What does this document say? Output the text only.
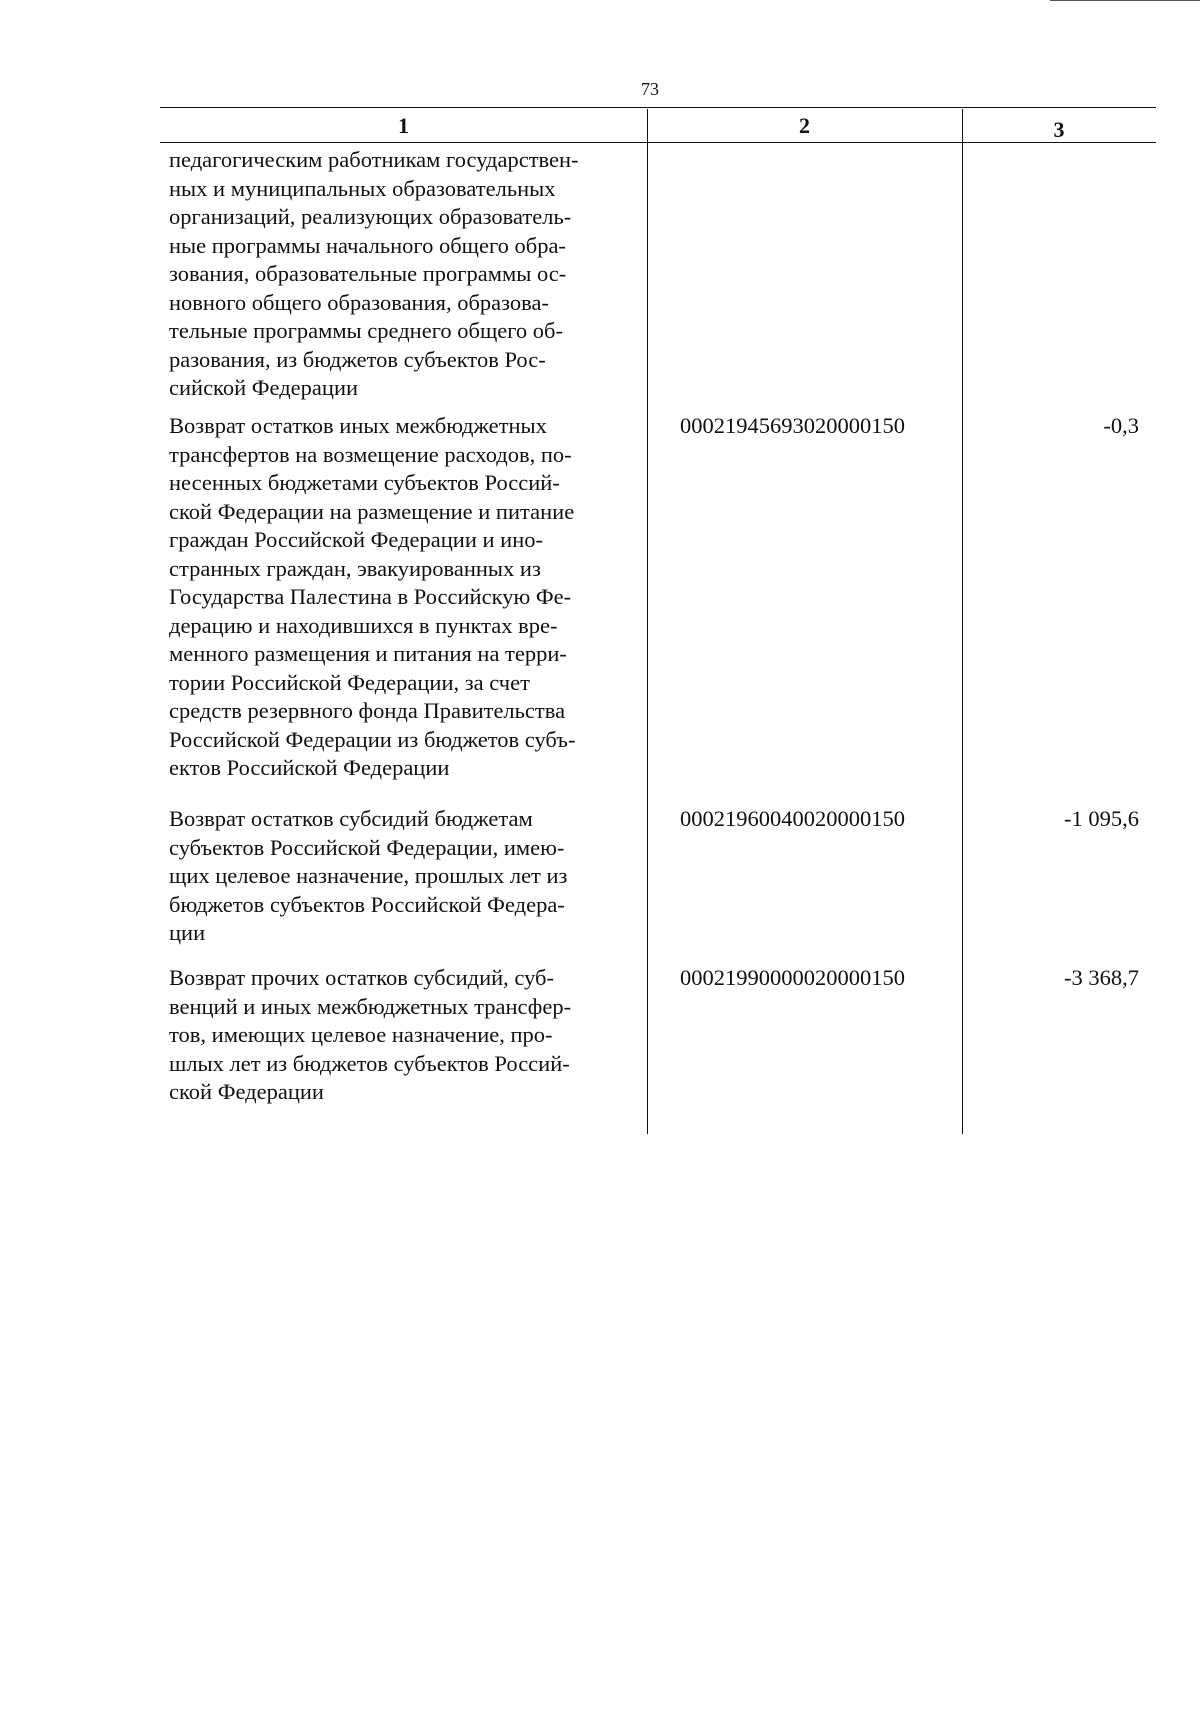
73
1	2	3
педагогическим работникам государствен-
ных и муниципальных образовательных
организаций, реализующих образователь-
ные программы начального общего обра-
зования, образовательные программы ос-
новного общего образования, образова-
тельные программы среднего общего об-
разования, из бюджетов субъектов Рос-
сийской Федерации
Возврат остатков иных межбюджетных
трансфертов на возмещение расходов, по-
несенных бюджетами субъектов Россий-
ской Федерации на размещение и питание
граждан Российской Федерации и ино-
странных граждан, эвакуированных из
Государства Палестина в Российскую Фе-
дерацию и находившихся в пунктах вре-
менного размещения и питания на терри-
тории Российской Федерации, за счет
средств резервного фонда Правительства
Российской Федерации из бюджетов субъ-
ектов Российской Федерации
00021945693020000150	-0,3
Возврат остатков субсидий бюджетам
субъектов Российской Федерации, имею-
щих целевое назначение, прошлых лет из
бюджетов субъектов Российской Федера-
ции
00021960040020000150	-1 095,6
Возврат прочих остатков субсидий, суб-
венций и иных межбюджетных трансфер-
тов, имеющих целевое назначение, про-
шлых лет из бюджетов субъектов Россий-
ской Федерации
00021990000020000150	-3 368,7
